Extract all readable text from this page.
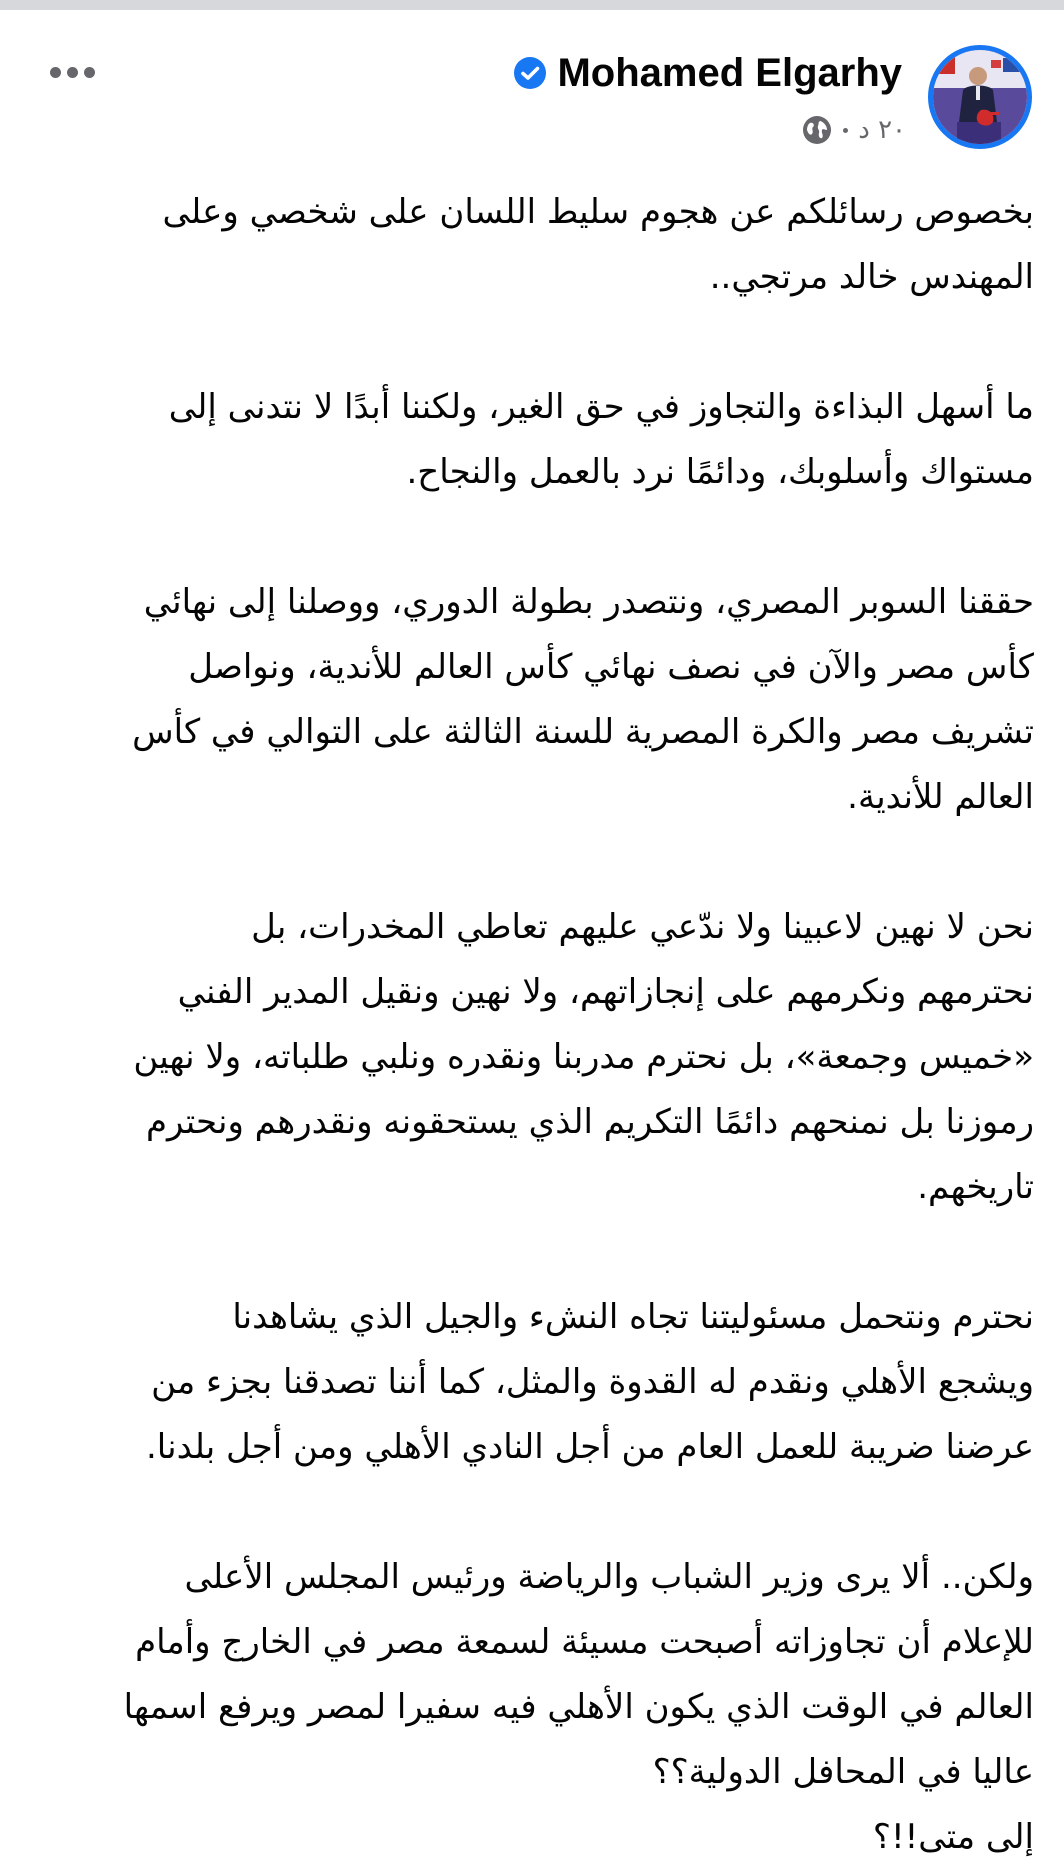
Mohamed Elgarhy
٢٠ د

بخصوص رسائلكم عن هجوم سليط اللسان على شخصي وعلى
المهندس خالد مرتجي..

ما أسهل البذاءة والتجاوز في حق الغير، ولكننا أبدًا لا نتدنى إلى
مستواك وأسلوبك، ودائمًا نرد بالعمل والنجاح.

حققنا السوبر المصري، ونتصدر بطولة الدوري، ووصلنا إلى نهائي
كأس مصر والآن في نصف نهائي كأس العالم للأندية، ونواصل
تشريف مصر والكرة المصرية للسنة الثالثة على التوالي في كأس
العالم للأندية.

نحن لا نهين لاعبينا ولا ندّعي عليهم تعاطي المخدرات، بل
نحترمهم ونكرمهم على إنجازاتهم، ولا نهين ونقيل المدير الفني
«خميس وجمعة»، بل نحترم مدربنا ونقدره ونلبي طلباته، ولا نهين
رموزنا بل نمنحهم دائمًا التكريم الذي يستحقونه ونقدرهم ونحترم
تاريخهم.

نحترم ونتحمل مسئوليتنا تجاه النشء والجيل الذي يشاهدنا
ويشجع الأهلي ونقدم له القدوة والمثل، كما أننا تصدقنا بجزء من
عرضنا ضريبة للعمل العام من أجل النادي الأهلي ومن أجل بلدنا.

ولكن.. ألا يرى وزير الشباب والرياضة ورئيس المجلس الأعلى
للإعلام أن تجاوزاته أصبحت مسيئة لسمعة مصر في الخارج وأمام
العالم في الوقت الذي يكون الأهلي فيه سفيرا لمصر ويرفع اسمها
عاليا في المحافل الدولية؟؟
إلى متى!!؟
